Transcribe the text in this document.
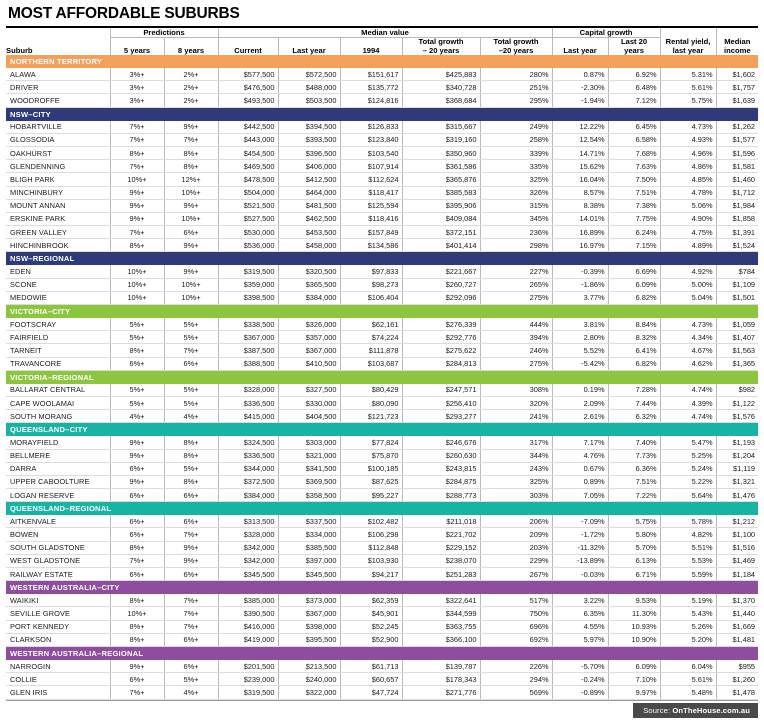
MOST AFFORDABLE SUBURBS
Suburb	Predictions		Median value					Capital growth		Rental yield,
last year	Median
income
	5 years	8 years	Current	Last year	1994	Total growth
– 20 years	Total growth
–20 years	Last year	Last 20
years		
NORTHERN TERRITORY											
ALAWA	3%+	2%+	$577,500	$572,500	$151,617	$425,883	280%	0.87%	6.92%	5.31%	$1,602
DRIVER	3%+	2%+	$476,500	$488,000	$135,772	$340,728	251%	-2.30%	6.48%	5.61%	$1,757
WOODROFFE	3%+	2%+	$493,500	$503,500	$124,816	$368,684	295%	-1.94%	7.12%	5.75%	$1,639
NSW–CITY											
HOBARTVILLE	7%+	9%+	$442,500	$394,500	$126,833	$315,667	249%	12.22%	6.45%	4.73%	$1,262
GLOSSODIA	7%+	7%+	$443,000	$393,500	$123,840	$319,160	258%	12.54%	6.58%	4.93%	$1,577
OAKHURST	8%+	8%+	$454,500	$396,500	$103,540	$350,960	339%	14.71%	7.68%	4.96%	$1,596
GLENDENNING	7%+	8%+	$469,500	$406,000	$107,914	$361,586	335%	15.62%	7.63%	4.86%	$1,581
BLIGH PARK	10%+	12%+	$478,500	$412,500	$112,624	$365,876	325%	16.04%	7.50%	4.85%	$1,460
MINCHINBURY	9%+	10%+	$504,000	$464,000	$118,417	$385,583	326%	8.57%	7.51%	4.78%	$1,712
MOUNT ANNAN	9%+	9%+	$521,500	$481,500	$125,594	$395,906	315%	8.38%	7.38%	5.06%	$1,984
ERSKINE PARK	9%+	10%+	$527,500	$462,500	$118,416	$409,084	345%	14.01%	7.75%	4.90%	$1,858
GREEN VALLEY	7%+	6%+	$530,000	$453,500	$157,849	$372,151	236%	16.89%	6.24%	4.75%	$1,391
HINCHINBROOK	8%+	9%+	$536,000	$458,000	$134,586	$401,414	298%	16.97%	7.15%	4.89%	$1,524
NSW–REGIONAL											
EDEN	10%+	9%+	$319,500	$320,500	$97,833	$221,667	227%	-0.39%	6.69%	4.92%	$784
SCONE	10%+	10%+	$359,000	$365,500	$98,273	$260,727	265%	-1.86%	6.09%	5.00%	$1,109
MEDOWIE	10%+	10%+	$398,500	$384,000	$106,404	$292,096	275%	3.77%	6.82%	5.04%	$1,501
VICTORIA–CITY											
FOOTSCRAY	5%+	5%+	$338,500	$326,000	$62,161	$276,339	444%	3.81%	8.84%	4.73%	$1,059
FAIRFIELD	5%+	5%+	$367,000	$357,000	$74,224	$292,776	394%	2.80%	8.32%	4.34%	$1,407
TARNEIT	8%+	7%+	$387,500	$367,000	$111,878	$275,622	246%	5.52%	6.41%	4.67%	$1,563
TRAVANCORE	6%+	6%+	$388,500	$410,500	$103,687	$284,813	275%	-5.42%	6.82%	4.62%	$1,365
VICTORIA–REGIONAL											
BALLARAT CENTRAL	5%+	5%+	$328,000	$327,500	$80,429	$247,571	308%	0.19%	7.28%	4.74%	$982
CAPE WOOLAMAI	5%+	5%+	$336,500	$330,000	$80,090	$256,410	320%	2.09%	7.44%	4.39%	$1,122
SOUTH MORANG	4%+	4%+	$415,000	$404,500	$121,723	$293,277	241%	2.61%	6.32%	4.74%	$1,576
QUEENSLAND–CITY											
MORAYFIELD	9%+	8%+	$324,500	$303,000	$77,824	$246,676	317%	7.17%	7.40%	5.47%	$1,193
BELLMERE	9%+	8%+	$336,500	$321,000	$75,870	$260,630	344%	4.76%	7.73%	5.25%	$1,204
DARRA	6%+	5%+	$344,000	$341,500	$100,185	$243,815	243%	0.67%	6.36%	5.24%	$1,119
UPPER CABOOLTURE	9%+	8%+	$372,500	$369,500	$87,625	$284,875	325%	0.89%	7.51%	5.22%	$1,321
LOGAN RESERVE	6%+	6%+	$384,000	$358,500	$95,227	$288,773	303%	7.05%	7.22%	5.64%	$1,476
QUEENSLAND–REGIONAL											
AITKENVALE	6%+	6%+	$313,500	$337,500	$102,482	$211,018	206%	-7.09%	5.75%	5.78%	$1,212
BOWEN	6%+	7%+	$328,000	$334,000	$106,298	$221,702	209%	-1.72%	5.80%	4.82%	$1,100
SOUTH GLADSTONE	8%+	9%+	$342,000	$385,500	$112,848	$229,152	203%	-11.32%	5.70%	5.51%	$1,516
WEST GLADSTONE	7%+	9%+	$342,000	$397,000	$103,930	$238,070	229%	-13.89%	6.13%	5.53%	$1,469
RAILWAY ESTATE	6%+	6%+	$345,500	$345,500	$94,217	$251,283	267%	-0.03%	6.71%	5.59%	$1,184
WESTERN AUSTRALIA–CITY											
WAIKIKI	8%+	7%+	$385,000	$373,000	$62,359	$322,641	517%	3.22%	9.53%	5.19%	$1,370
SEVILLE GROVE	10%+	7%+	$390,500	$367,000	$45,901	$344,599	750%	6.35%	11.30%	5.43%	$1,440
PORT KENNEDY	8%+	7%+	$416,000	$398,000	$52,245	$363,755	696%	4.55%	10.93%	5.26%	$1,669
CLARKSON	8%+	6%+	$419,000	$395,500	$52,900	$366,100	692%	5.97%	10.90%	5.20%	$1,481
WESTERN AUSTRALIA–REGIONAL											
NARROGIN	9%+	6%+	$201,500	$213,500	$61,713	$139,787	226%	-5.70%	6.09%	6.04%	$955
COLLIE	6%+	5%+	$239,000	$240,000	$60,657	$178,343	294%	-0.24%	7.10%	5.61%	$1,260
GLEN IRIS	7%+	4%+	$319,500	$322,000	$47,724	$271,776	569%	-0.89%	9.97%	5.48%	$1,478
Source: OnTheHouse.com.au
